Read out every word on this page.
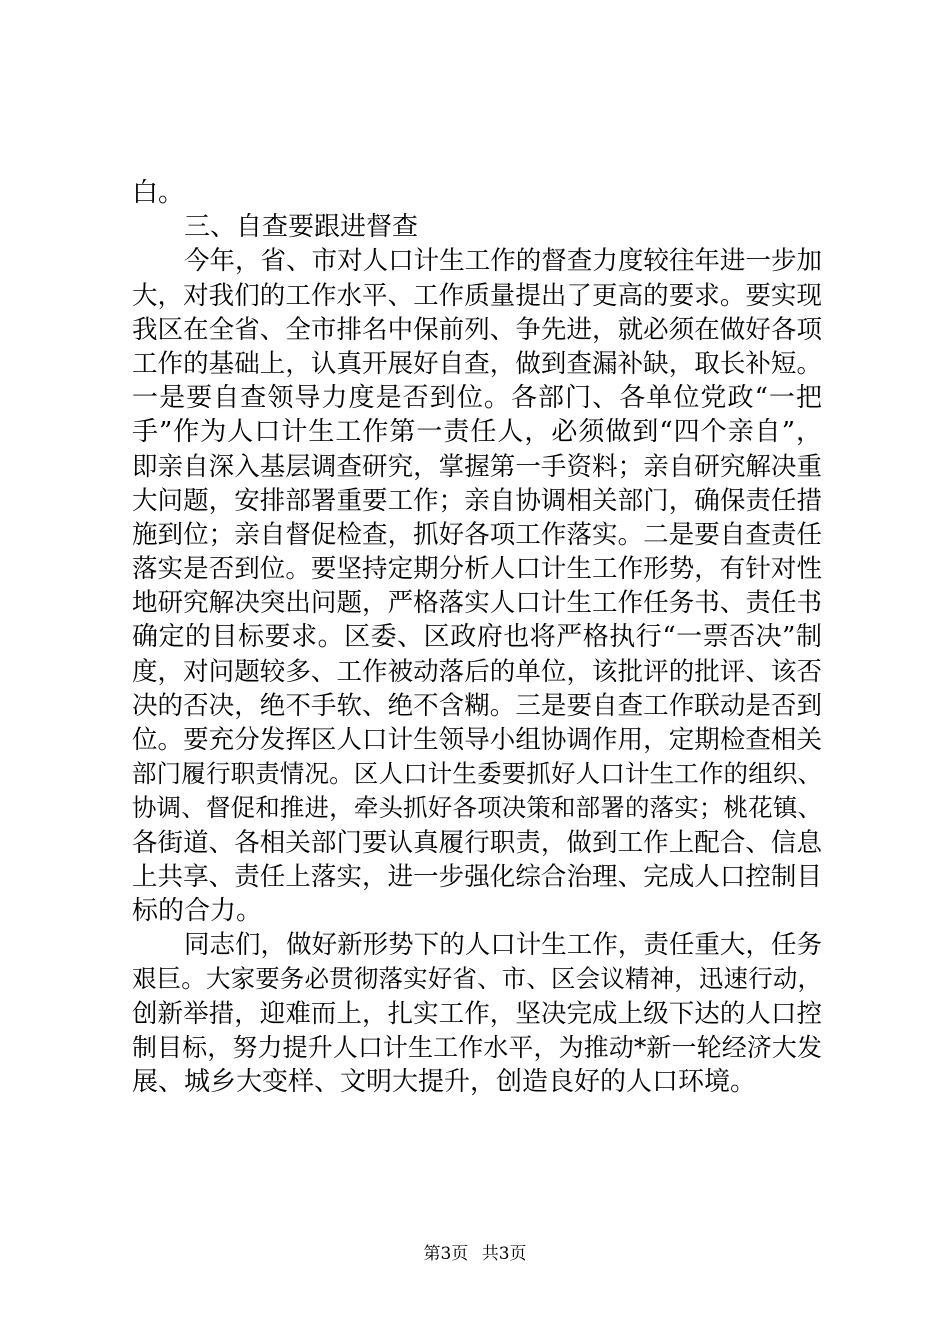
白。
三、自查要跟进督查
今年，省、市对人口计生工作的督查力度较往年进一步加
大，对我们的工作水平、工作质量提出了更高的要求。要实现
我区在全省、全市排名中保前列、争先进，就必须在做好各项
工作的基础上，认真开展好自查，做到查漏补缺，取长补短。
一是要自查领导力度是否到位。各部门、各单位党政“一把
手”作为人口计生工作第一责任人，必须做到“四个亲自”，
即亲自深入基层调查研究，掌握第一手资料；亲自研究解决重
大问题，安排部署重要工作；亲自协调相关部门，确保责任措
施到位；亲自督促检查，抓好各项工作落实。二是要自查责任
落实是否到位。要坚持定期分析人口计生工作形势，有针对性
地研究解决突出问题，严格落实人口计生工作任务书、责任书
确定的目标要求。区委、区政府也将严格执行“一票否决”制
度，对问题较多、工作被动落后的单位，该批评的批评、该否
决的否决，绝不手软、绝不含糊。三是要自查工作联动是否到
位。要充分发挥区人口计生领导小组协调作用，定期检查相关
部门履行职责情况。区人口计生委要抓好人口计生工作的组织、
协调、督促和推进，牵头抓好各项决策和部署的落实；桃花镇、
各街道、各相关部门要认真履行职责，做到工作上配合、信息
上共享、责任上落实，进一步强化综合治理、完成人口控制目
标的合力。
同志们，做好新形势下的人口计生工作，责任重大，任务
艰巨。大家要务必贯彻落实好省、市、区会议精神，迅速行动，
创新举措，迎难而上，扎实工作，坚决完成上级下达的人口控
制目标，努力提升人口计生工作水平，为推动*新一轮经济大发
展、城乡大变样、文明大提升，创造良好的人口环境。
第3页 共3页
